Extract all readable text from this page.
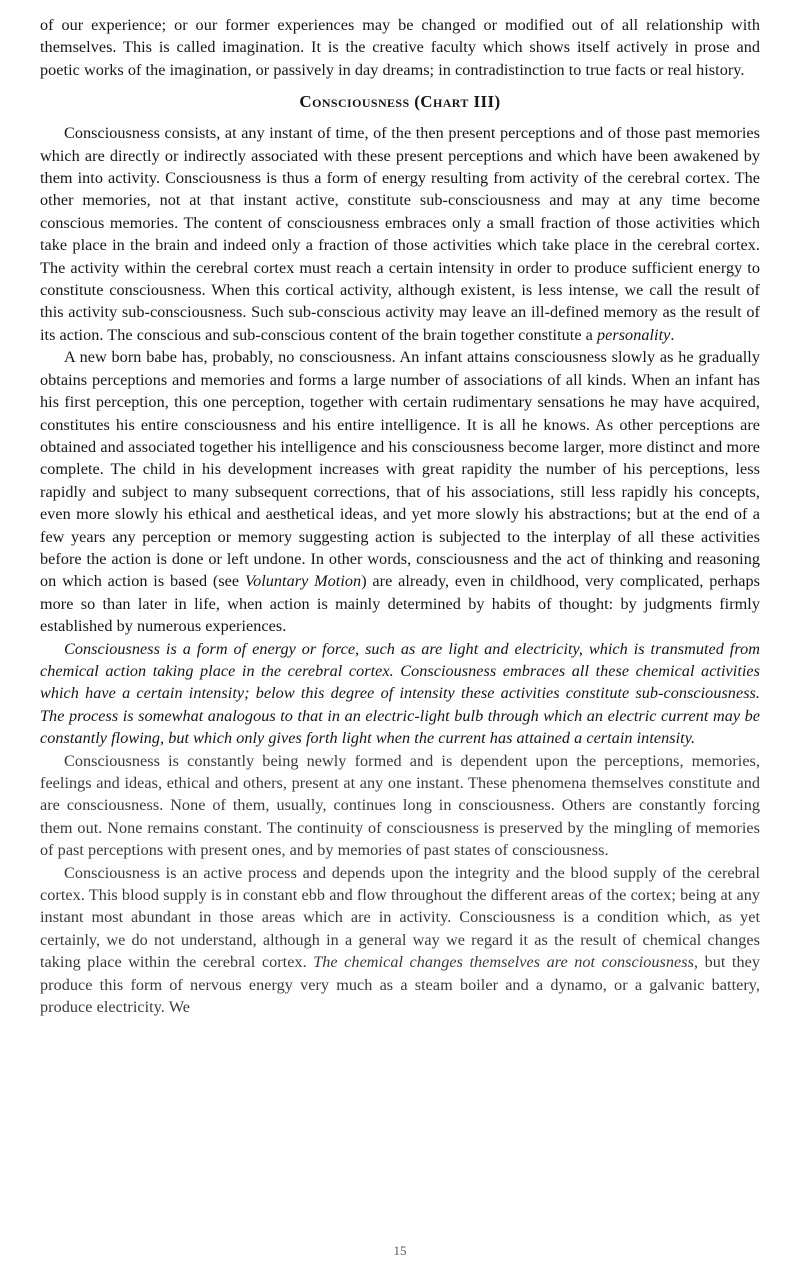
of our experience; or our former experiences may be changed or modified out of all relationship with themselves. This is called imagination. It is the creative faculty which shows itself actively in prose and poetic works of the imagination, or passively in day dreams; in contradistinction to true facts or real history.

Consciousness (Chart III)

Consciousness consists, at any instant of time, of the then present perceptions and of those past memories which are directly or indirectly associated with these present perceptions and which have been awakened by them into activity. Consciousness is thus a form of energy resulting from activity of the cerebral cortex. The other memories, not at that instant active, constitute sub-consciousness and may at any time become conscious memories. The content of consciousness embraces only a small fraction of those activities which take place in the brain and indeed only a fraction of those activities which take place in the cerebral cortex. The activity within the cerebral cortex must reach a certain intensity in order to produce sufficient energy to constitute consciousness. When this cortical activity, although existent, is less intense, we call the result of this activity sub-consciousness. Such sub-conscious activity may leave an ill-defined memory as the result of its action. The conscious and sub-conscious content of the brain together constitute a personality.

A new born babe has, probably, no consciousness. An infant attains consciousness slowly as he gradually obtains perceptions and memories and forms a large number of associations of all kinds. When an infant has his first perception, this one perception, together with certain rudimentary sensations he may have acquired, constitutes his entire consciousness and his entire intelligence. It is all he knows. As other perceptions are obtained and associated together his intelligence and his consciousness become larger, more distinct and more complete. The child in his development increases with great rapidity the number of his perceptions, less rapidly and subject to many subsequent corrections, that of his associations, still less rapidly his concepts, even more slowly his ethical and aesthetical ideas, and yet more slowly his abstractions; but at the end of a few years any perception or memory suggesting action is subjected to the interplay of all these activities before the action is done or left undone. In other words, consciousness and the act of thinking and reasoning on which action is based (see Voluntary Motion) are already, even in childhood, very complicated, perhaps more so than later in life, when action is mainly determined by habits of thought: by judgments firmly established by numerous experiences.

Consciousness is a form of energy or force, such as are light and electricity, which is transmuted from chemical action taking place in the cerebral cortex. Consciousness embraces all these chemical activities which have a certain intensity; below this degree of intensity these activities constitute sub-consciousness. The process is somewhat analogous to that in an electric-light bulb through which an electric current may be constantly flowing, but which only gives forth light when the current has attained a certain intensity.

Consciousness is constantly being newly formed and is dependent upon the perceptions, memories, feelings and ideas, ethical and others, present at any one instant. These phenomena themselves constitute and are consciousness. None of them, usually, continues long in consciousness. Others are constantly forcing them out. None remains constant. The continuity of consciousness is preserved by the mingling of memories of past perceptions with present ones, and by memories of past states of consciousness.

Consciousness is an active process and depends upon the integrity and the blood supply of the cerebral cortex. This blood supply is in constant ebb and flow throughout the different areas of the cortex; being at any instant most abundant in those areas which are in activity. Consciousness is a condition which, as yet certainly, we do not understand, although in a general way we regard it as the result of chemical changes taking place within the cerebral cortex. The chemical changes themselves are not consciousness, but they produce this form of nervous energy very much as a steam boiler and a dynamo, or a galvanic battery, produce electricity. We

15
